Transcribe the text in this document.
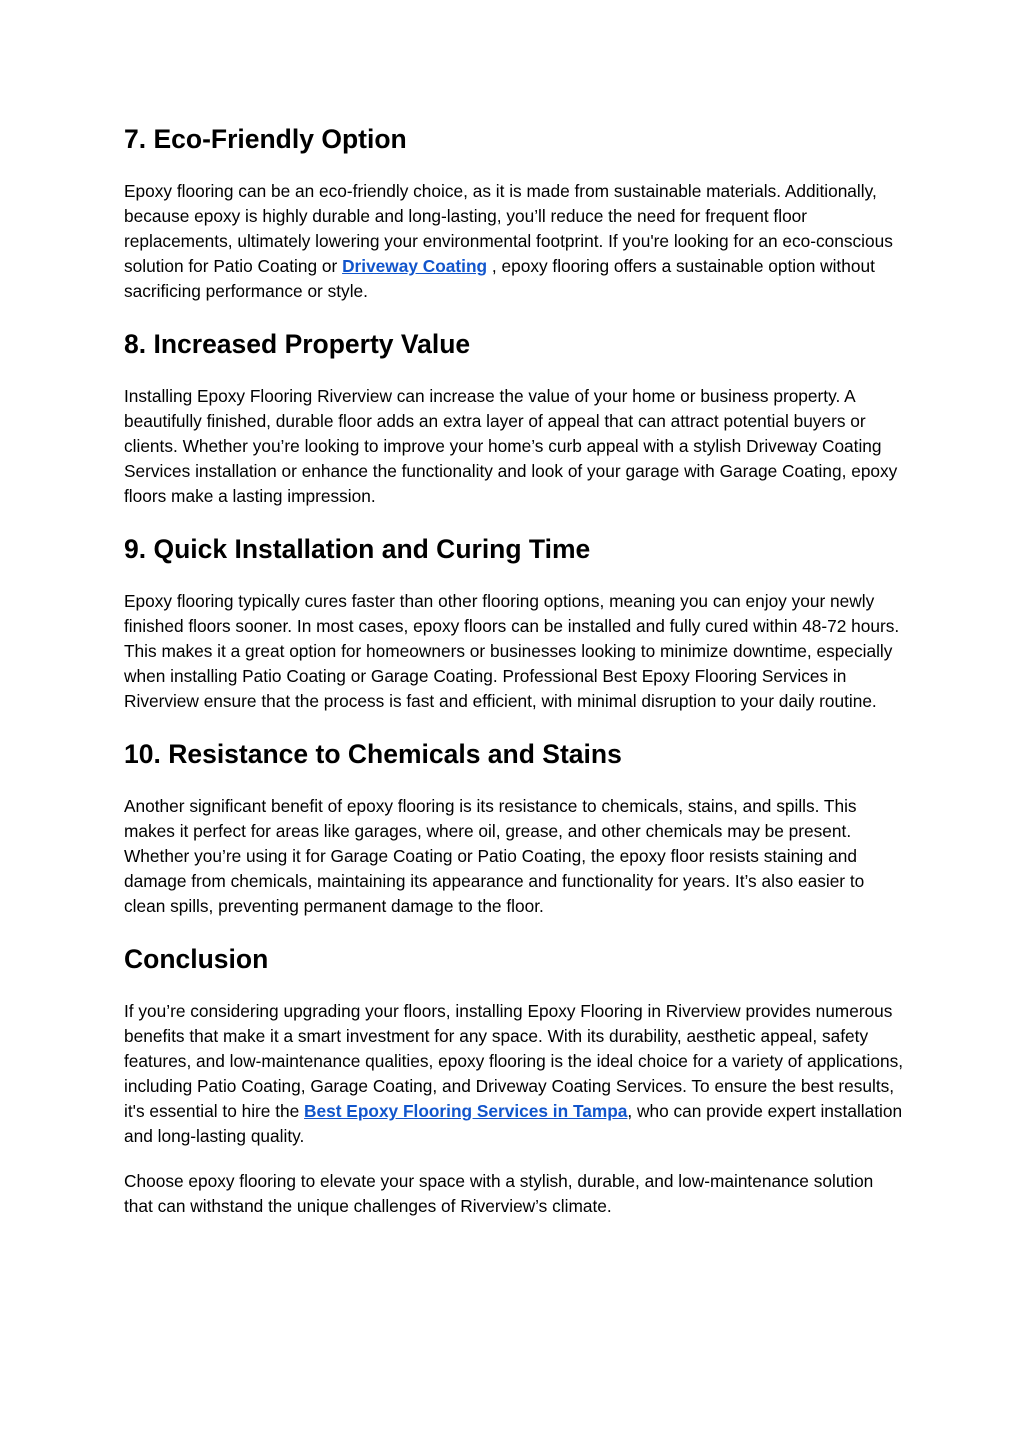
7. Eco-Friendly Option

Epoxy flooring can be an eco-friendly choice, as it is made from sustainable materials. Additionally, because epoxy is highly durable and long-lasting, you’ll reduce the need for frequent floor replacements, ultimately lowering your environmental footprint. If you're looking for an eco-conscious solution for Patio Coating or Driveway Coating , epoxy flooring offers a sustainable option without sacrificing performance or style.

8. Increased Property Value

Installing Epoxy Flooring Riverview can increase the value of your home or business property. A beautifully finished, durable floor adds an extra layer of appeal that can attract potential buyers or clients. Whether you’re looking to improve your home’s curb appeal with a stylish Driveway Coating Services installation or enhance the functionality and look of your garage with Garage Coating, epoxy floors make a lasting impression.

9. Quick Installation and Curing Time

Epoxy flooring typically cures faster than other flooring options, meaning you can enjoy your newly finished floors sooner. In most cases, epoxy floors can be installed and fully cured within 48-72 hours. This makes it a great option for homeowners or businesses looking to minimize downtime, especially when installing Patio Coating or Garage Coating. Professional Best Epoxy Flooring Services in Riverview ensure that the process is fast and efficient, with minimal disruption to your daily routine.

10. Resistance to Chemicals and Stains

Another significant benefit of epoxy flooring is its resistance to chemicals, stains, and spills. This makes it perfect for areas like garages, where oil, grease, and other chemicals may be present. Whether you’re using it for Garage Coating or Patio Coating, the epoxy floor resists staining and damage from chemicals, maintaining its appearance and functionality for years. It’s also easier to clean spills, preventing permanent damage to the floor.

Conclusion

If you’re considering upgrading your floors, installing Epoxy Flooring in Riverview provides numerous benefits that make it a smart investment for any space. With its durability, aesthetic appeal, safety features, and low-maintenance qualities, epoxy flooring is the ideal choice for a variety of applications, including Patio Coating, Garage Coating, and Driveway Coating Services. To ensure the best results, it's essential to hire the Best Epoxy Flooring Services in Tampa, who can provide expert installation and long-lasting quality.

Choose epoxy flooring to elevate your space with a stylish, durable, and low-maintenance solution that can withstand the unique challenges of Riverview’s climate.
